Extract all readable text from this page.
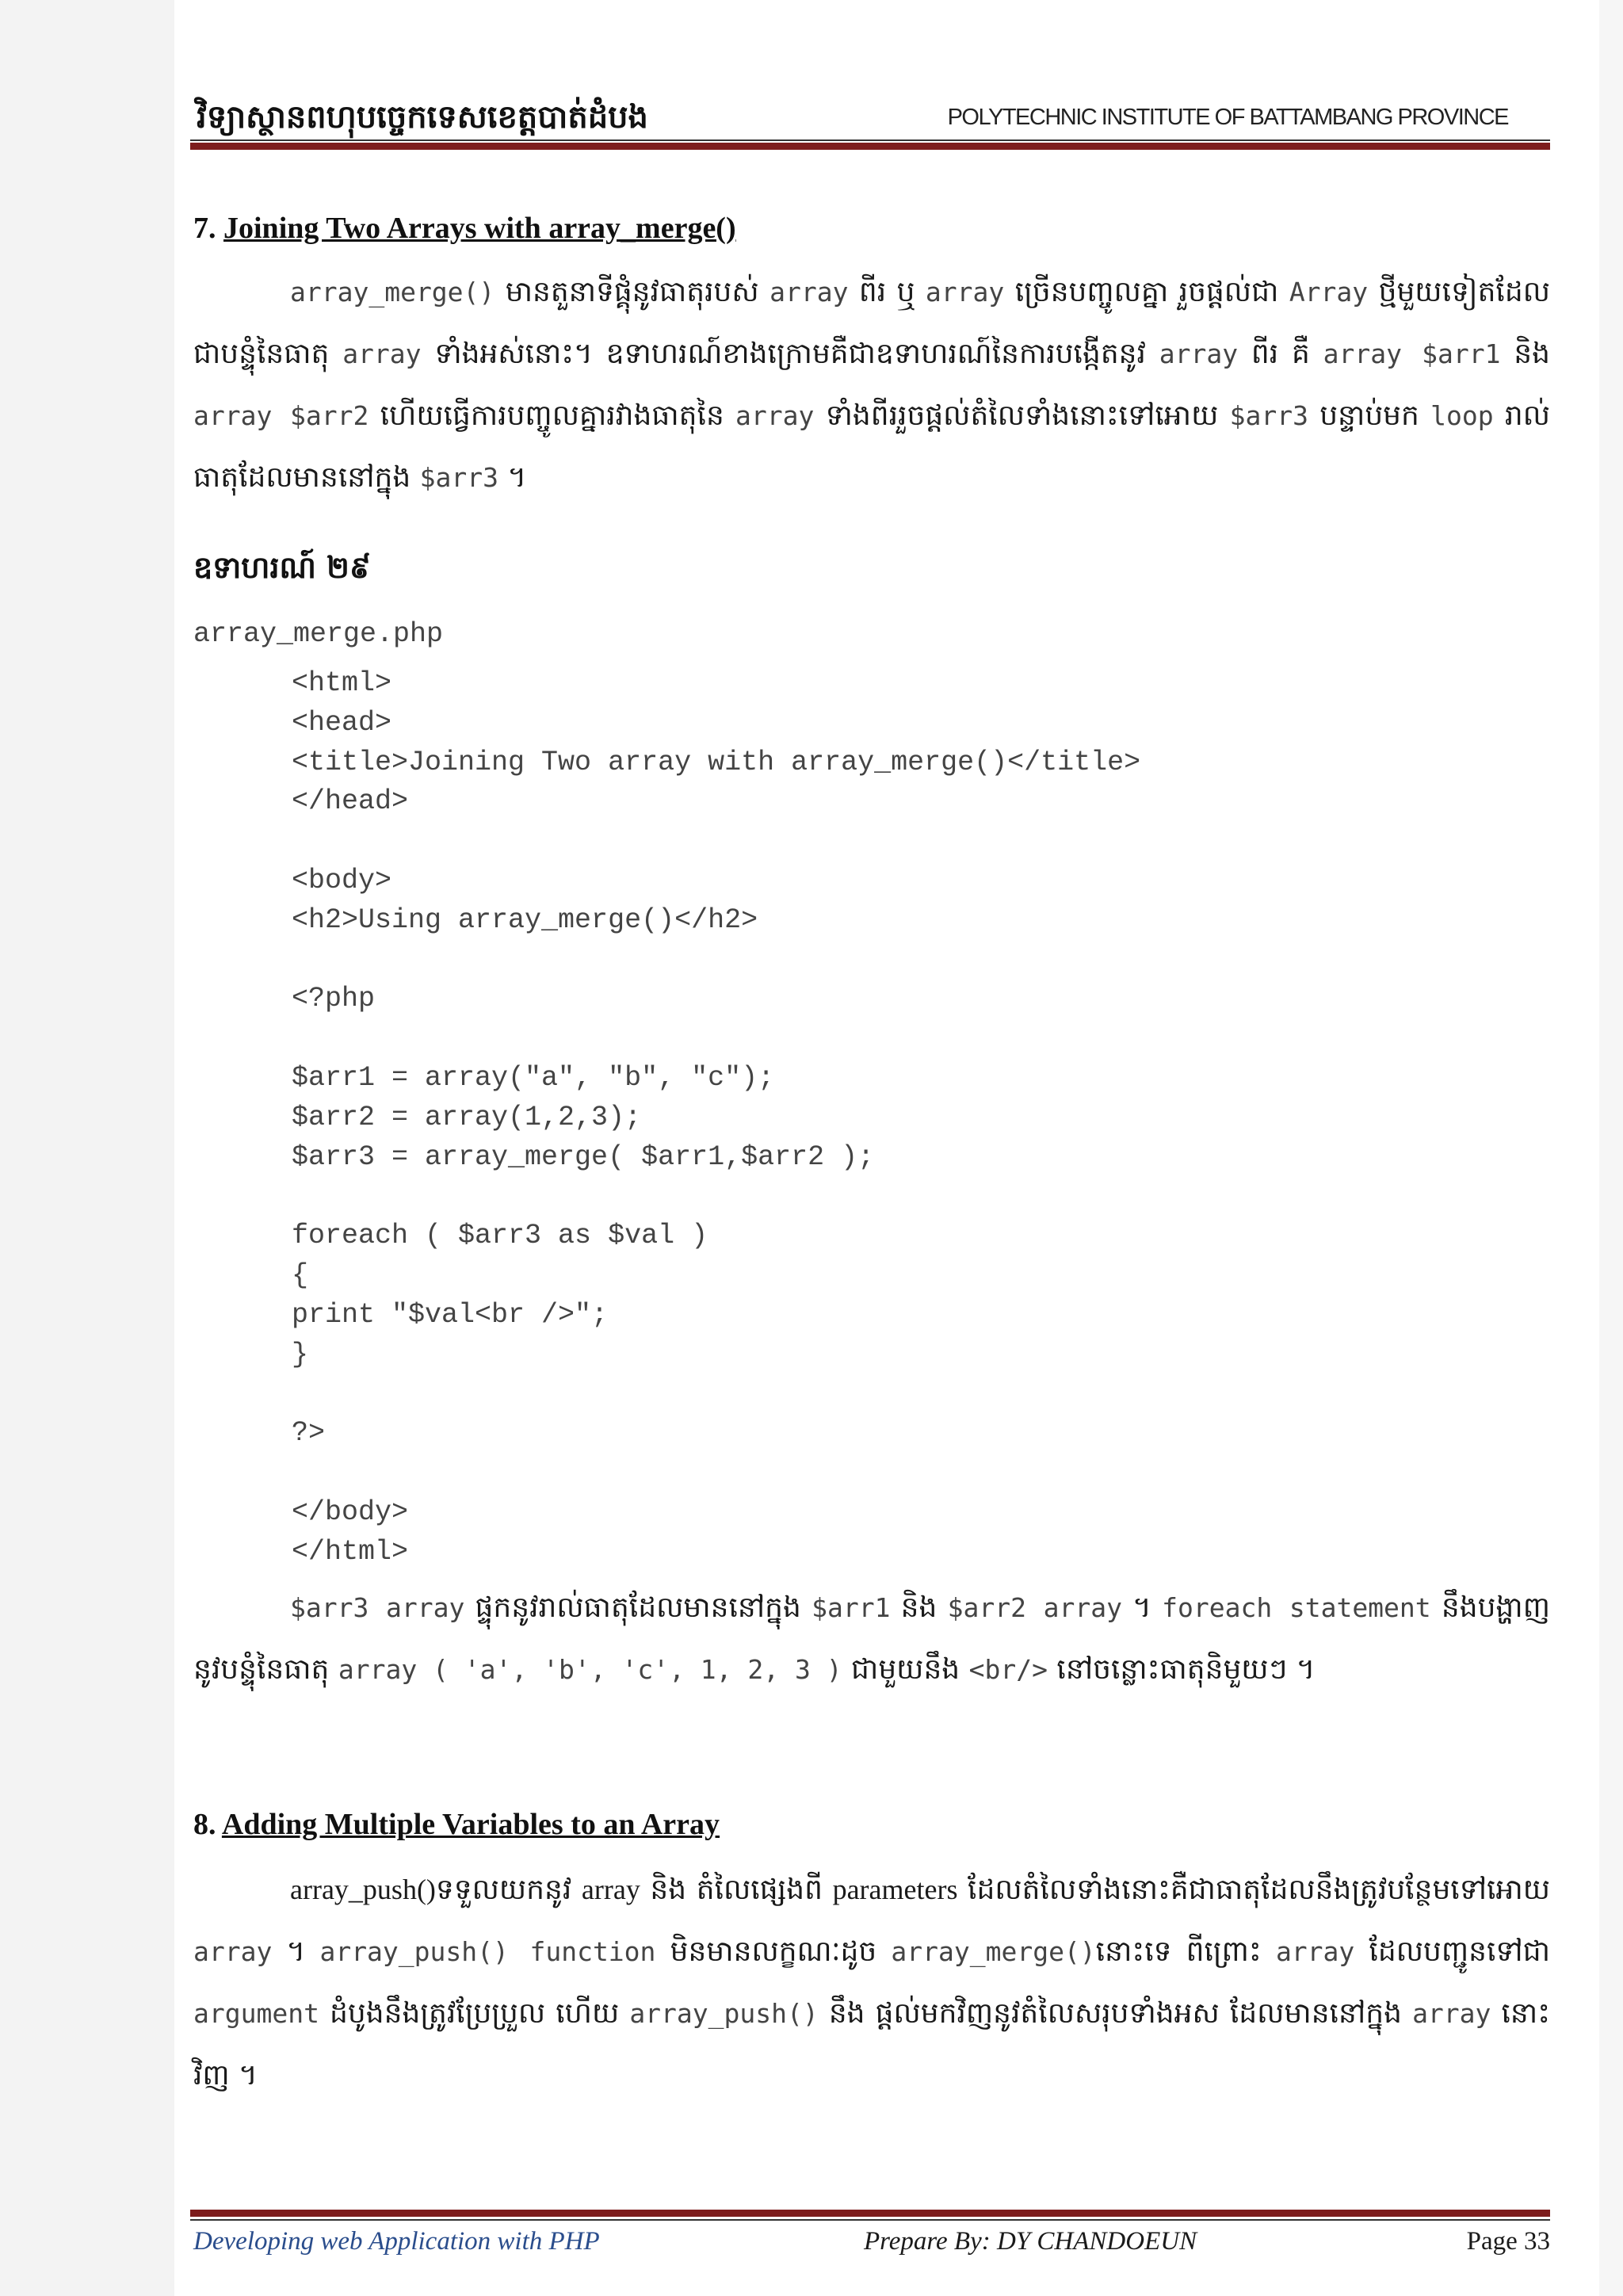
វិទ្យាស្ថានពហុបច្ចេកទេសខេត្តបាត់ដំបង	POLYTECHNIC INSTITUTE OF BATTAMBANG PROVINCE
7. Joining Two Arrays with array_merge()
array_merge() មានតួនាទីផ្គុំនូវធាតុរបស់ array ពីរ ឬ array ច្រើនបញ្ចូលគ្នា រួចផ្តល់ជា Array ថ្មីមួយទៀតដែលជាបន្ទុំនៃធាតុ array ទាំងអស់នោះ។ ឧទាហរណ៍ខាងក្រោមគឺជាឧទាហរណ៍នៃការបង្កើតនូវ array ពីរ គឺ array $arr1 និង array $arr2 ហើយធ្វើការបញ្ចូលគ្នារវាងធាតុនៃ array ទាំងពីររួចផ្តល់តំលៃទាំងនោះទៅអោយ $arr3 បន្ទាប់មក loop រាល់ធាតុដែលមាននៅក្នុង $arr3 ។
ឧទាហរណ៍ ២៩
array_merge.php
<html>
<head>
<title>Joining Two array with array_merge()</title>
</head>

<body>
<h2>Using array_merge()</h2>

<?php

$arr1 = array("a", "b", "c");
$arr2 = array(1,2,3);
$arr3 = array_merge( $arr1,$arr2 );

foreach ( $arr3 as $val )
{
print "$val<br />";
}

?>

</body>
</html>
$arr3 array ផ្ទុកនូវរាល់ធាតុដែលមាននៅក្នុង $arr1 និង $arr2 array ។ foreach statement នឹងបង្ហាញនូវបន្ទុំនៃធាតុ array ( 'a', 'b', 'c', 1, 2, 3 ) ជាមួយនឹង <br/> នៅចន្លោះធាតុនិមួយៗ ។
8. Adding Multiple Variables to an Array
array_push()ទទួលយកនូវ array និង តំលៃផ្សេងពី parameters ដែលតំលៃទាំងនោះគឺជាធាតុដែលនឹងត្រូវបន្ថែមទៅអោយ array ។ array_push() function មិនមានលក្ខណៈដូច array_merge()នោះទេ ពីព្រោះ array ដែលបញ្ជូនទៅជា argument ដំបូងនឹងត្រូវប្រែប្រួល ហើយ array_push() នឹង ផ្តល់មកវិញនូវតំលៃសរុបទាំងអស ដែលមាននៅក្នុង array នោះវិញ ។
Developing web Application with PHP	Prepare By: DY CHANDOEUN	Page 33
